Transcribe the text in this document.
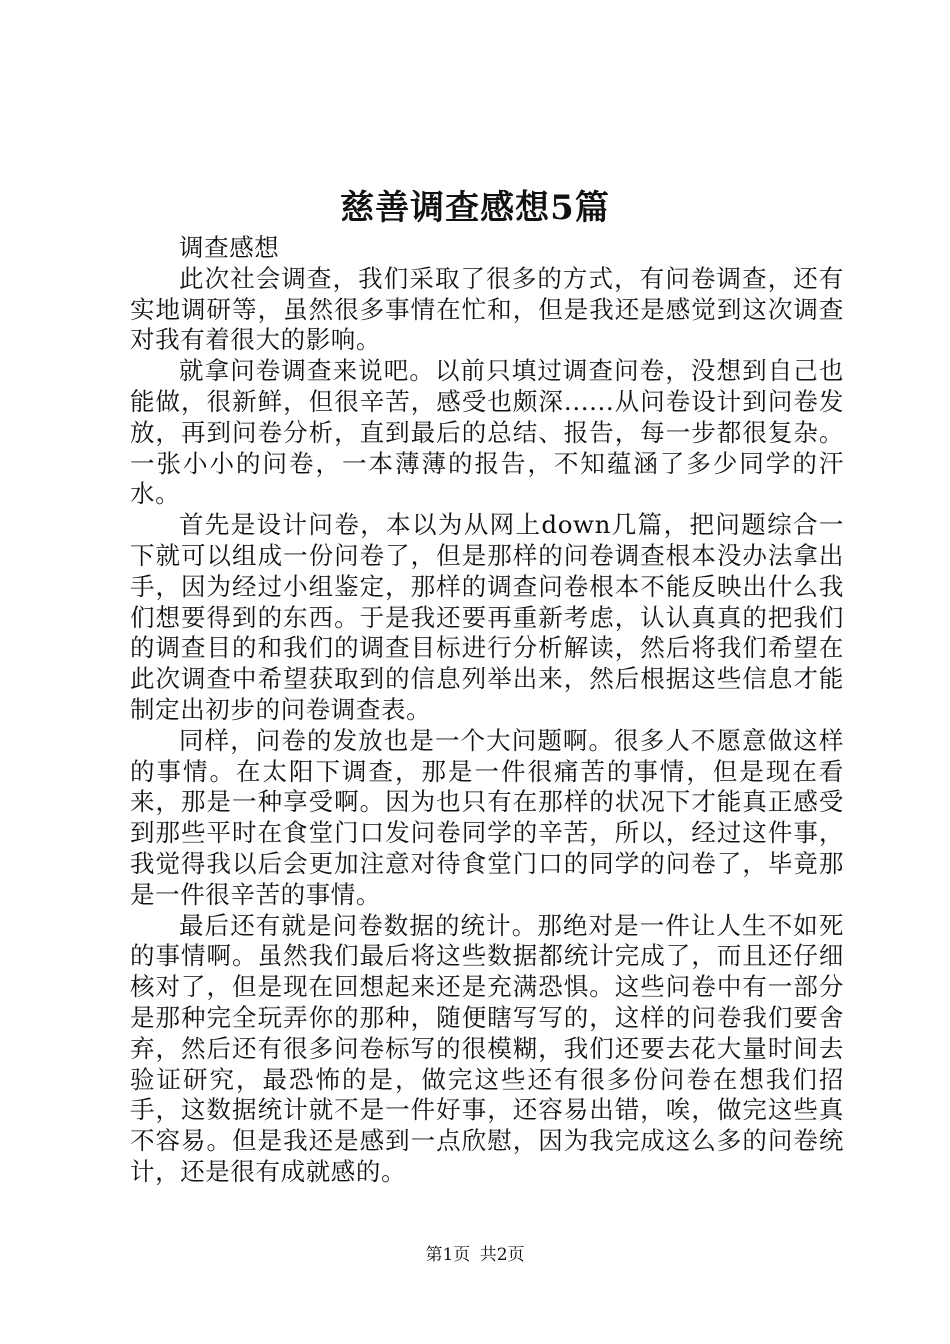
慈善调查感想5篇

调查感想

此次社会调查，我们采取了很多的方式，有问卷调查，还有实地调研等，虽然很多事情在忙和，但是我还是感觉到这次调查对我有着很大的影响。

就拿问卷调查来说吧。以前只填过调查问卷，没想到自己也能做，很新鲜，但很辛苦，感受也颇深......从问卷设计到问卷发放，再到问卷分析，直到最后的总结、报告，每一步都很复杂。一张小小的问卷，一本薄薄的报告，不知蕴涵了多少同学的汗水。

首先是设计问卷，本以为从网上down几篇，把问题综合一下就可以组成一份问卷了，但是那样的问卷调查根本没办法拿出手，因为经过小组鉴定，那样的调查问卷根本不能反映出什么我们想要得到的东西。于是我还要再重新考虑，认认真真的把我们的调查目的和我们的调查目标进行分析解读，然后将我们希望在此次调查中希望获取到的信息列举出来，然后根据这些信息才能制定出初步的问卷调查表。

同样，问卷的发放也是一个大问题啊。很多人不愿意做这样的事情。在太阳下调查，那是一件很痛苦的事情，但是现在看来，那是一种享受啊。因为也只有在那样的状况下才能真正感受到那些平时在食堂门口发问卷同学的辛苦，所以，经过这件事，我觉得我以后会更加注意对待食堂门口的同学的问卷了，毕竟那是一件很辛苦的事情。

最后还有就是问卷数据的统计。那绝对是一件让人生不如死的事情啊。虽然我们最后将这些数据都统计完成了，而且还仔细核对了，但是现在回想起来还是充满恐惧。这些问卷中有一部分是那种完全玩弄你的那种，随便瞎写写的，这样的问卷我们要舍弃，然后还有很多问卷标写的很模糊，我们还要去花大量时间去验证研究，最恐怖的是，做完这些还有很多份问卷在想我们招手，这数据统计就不是一件好事，还容易出错，唉，做完这些真不容易。但是我还是感到一点欣慰，因为我完成这么多的问卷统计，还是很有成就感的。

第1页 共2页
